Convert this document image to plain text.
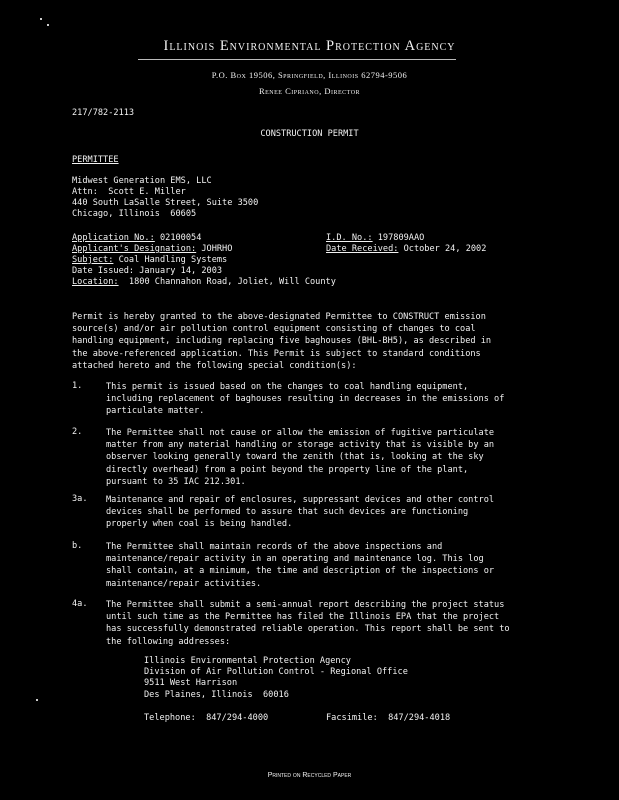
Illinois Environmental Protection Agency
P.O. Box 19506, Springfield, Illinois 62794-9506
Renee Cipriano, Director
217/782-2113
CONSTRUCTION PERMIT
PERMITTEE
Midwest Generation EMS, LLC
Attn:  Scott E. Miller
440 South LaSalle Street, Suite 3500
Chicago, Illinois  60605
Application No.: 02100054	I.D. No.: 197809AAO
Applicant's Designation: JOHRHO	Date Received: October 24, 2002
Subject: Coal Handling Systems
Date Issued: January 14, 2003
Location:  1800 Channahon Road, Joliet, Will County
Permit is hereby granted to the above-designated Permittee to CONSTRUCT emission source(s) and/or air pollution control equipment consisting of changes to coal handling equipment, including replacing five baghouses (BHL-BH5), as described in the above-referenced application. This Permit is subject to standard conditions attached hereto and the following special condition(s):
1.	This permit is issued based on the changes to coal handling equipment, including replacement of baghouses resulting in decreases in the emissions of particulate matter.
2.	The Permittee shall not cause or allow the emission of fugitive particulate matter from any material handling or storage activity that is visible by an observer looking generally toward the zenith (that is, looking at the sky directly overhead) from a point beyond the property line of the plant, pursuant to 35 IAC 212.301.
3a. Maintenance and repair of enclosures, suppressant devices and other control devices shall be performed to assure that such devices are functioning properly when coal is being handled.
b.	The Permittee shall maintain records of the above inspections and maintenance/repair activity in an operating and maintenance log. This log shall contain, at a minimum, the time and description of the inspections or maintenance/repair activities.
4a. The Permittee shall submit a semi-annual report describing the project status until such time as the Permittee has filed the Illinois EPA that the project has successfully demonstrated reliable operation. This report shall be sent to the following addresses:
Illinois Environmental Protection Agency
Division of Air Pollution Control - Regional Office
9511 West Harrison
Des Plaines, Illinois  60016
Telephone:  847/294-4000	Facsimile:  847/294-4018
Printed on Recycled Paper
